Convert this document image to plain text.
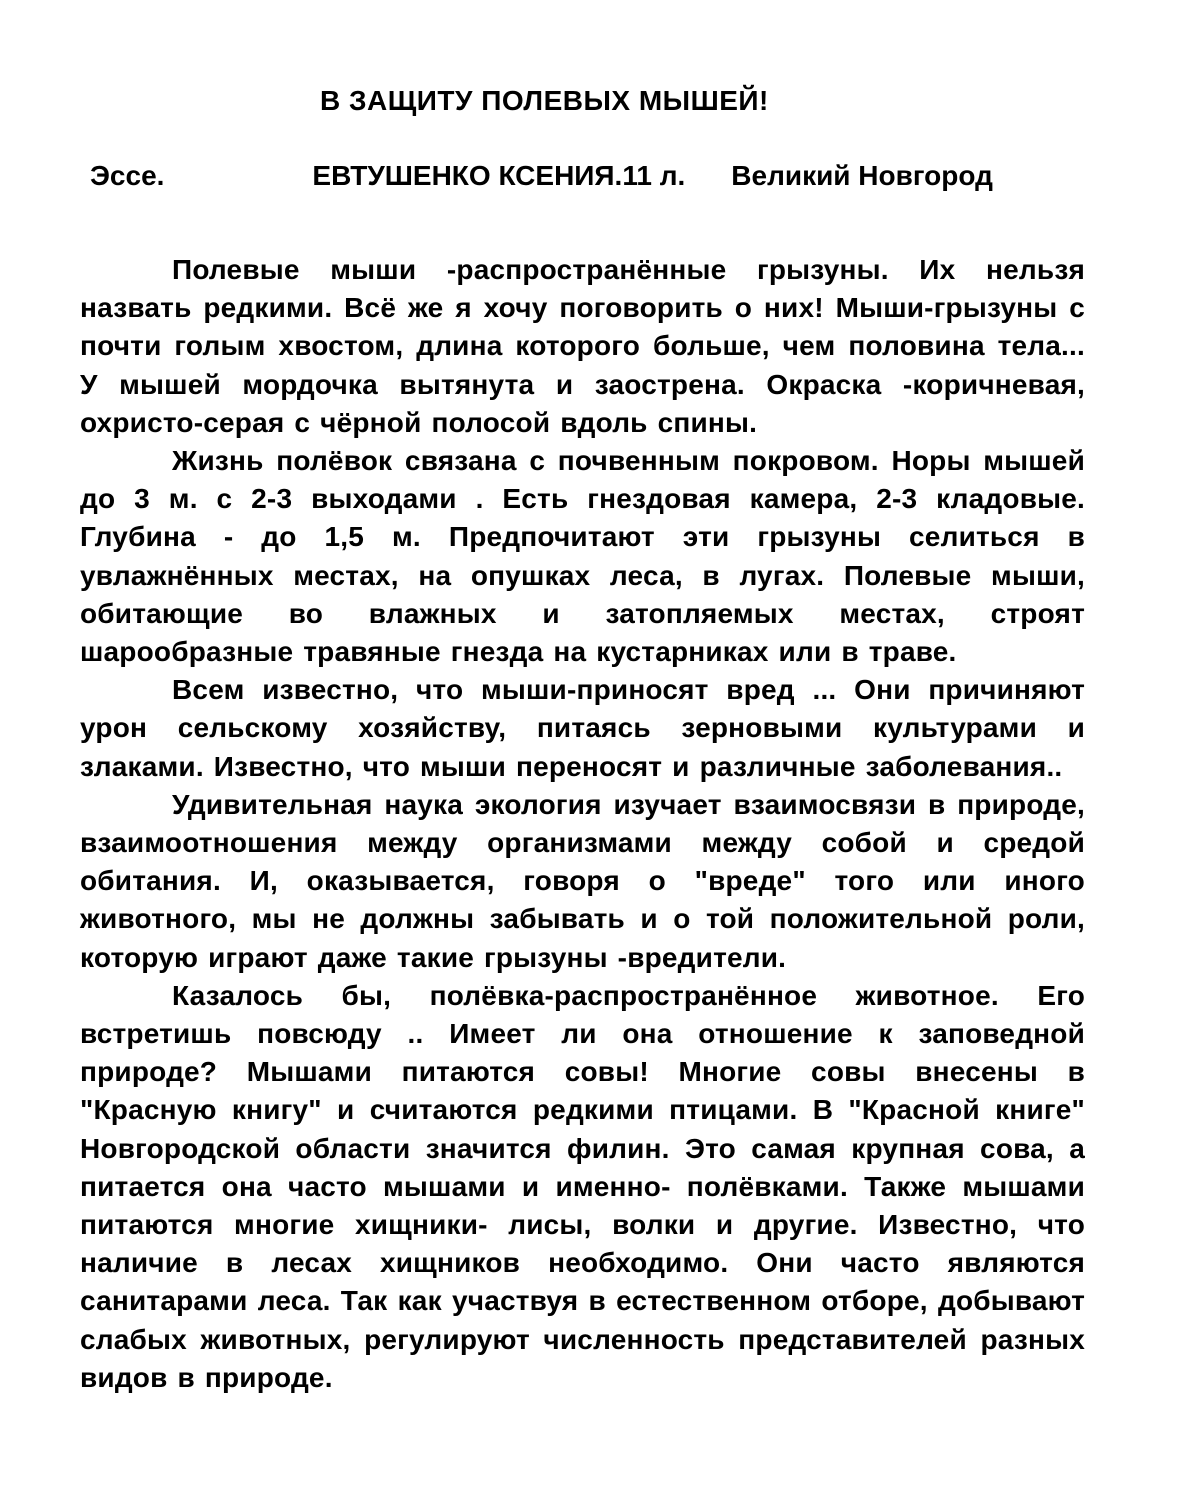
В ЗАЩИТУ ПОЛЕВЫХ МЫШЕЙ!
Эссе.	ЕВТУШЕНКО КСЕНИЯ.11 л. Великий Новгород

Полевые мыши -распространённые грызуны. Их нельзя назвать редкими. Всё же я хочу поговорить о них! Мыши-грызуны с почти голым хвостом, длина которого больше, чем половина тела... У мышей мордочка вытянута и заострена. Окраска -коричневая, охристо-серая с чёрной полосой вдоль спины.

Жизнь полёвок связана с почвенным покровом. Норы мышей до 3 м. с 2-3 выходами . Есть гнездовая камера, 2-3 кладовые. Глубина - до 1,5 м. Предпочитают эти грызуны селиться в увлажнённых местах, на опушках леса, в лугах. Полевые мыши, обитающие во влажных и затопляемых местах, строят шарообразные травяные гнезда на кустарниках или в траве.

Всем известно, что мыши-приносят вред ... Они причиняют урон сельскому хозяйству, питаясь зерновыми культурами и злаками. Известно, что мыши переносят и различные заболевания..

Удивительная наука экология изучает взаимосвязи в природе, взаимоотношения между организмами между собой и средой обитания. И, оказывается, говоря о "вреде" того или иного животного, мы не должны забывать и о той положительной роли, которую играют даже такие грызуны -вредители.

Казалось бы, полёвка-распространённое животное. Его встретишь повсюду .. Имеет ли она отношение к заповедной природе? Мышами питаются совы! Многие совы внесены в "Красную книгу" и считаются редкими птицами. В "Красной книге" Новгородской области значится филин. Это самая крупная сова, а питается она часто мышами и именно- полёвками. Также мышами питаются многие хищники- лисы, волки и другие. Известно, что наличие в лесах хищников необходимо. Они часто являются санитарами леса. Так как участвуя в естественном отборе, добывают слабых животных, регулируют численность представителей разных видов в природе.
